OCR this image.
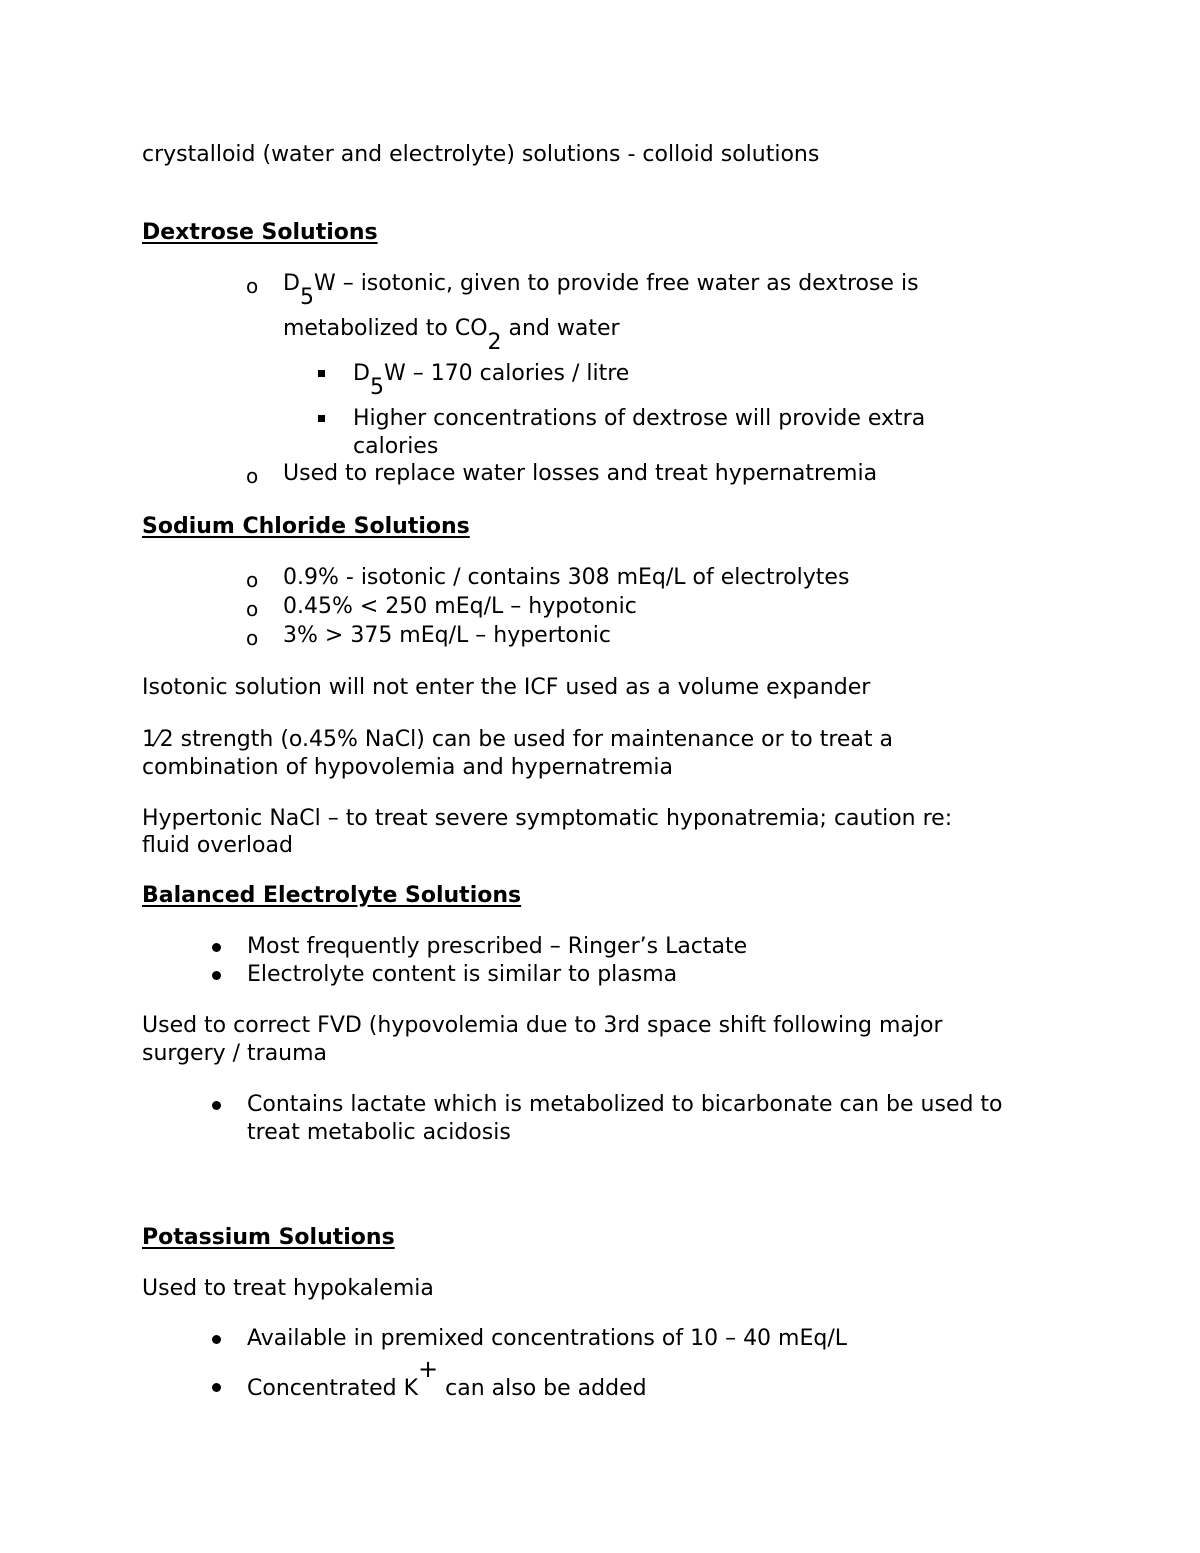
crystalloid (water and electrolyte) solutions - colloid solutions
Dextrose Solutions
o D5W – isotonic, given to provide free water as dextrose is
metabolized to CO2 and water
D5W – 170 calories / litre
Higher concentrations of dextrose will provide extra
calories
o Used to replace water losses and treat hypernatremia
Sodium Chloride Solutions
o 0.9% - isotonic / contains 308 mEq/L of electrolytes
o 0.45% < 250 mEq/L – hypotonic
o 3% > 375 mEq/L – hypertonic
Isotonic solution will not enter the ICF used as a volume expander
1⁄2 strength (o.45% NaCl) can be used for maintenance or to treat a
combination of hypovolemia and hypernatremia
Hypertonic NaCl – to treat severe symptomatic hyponatremia; caution re:
fluid overload
Balanced Electrolyte Solutions
Most frequently prescribed – Ringer’s Lactate
Electrolyte content is similar to plasma
Used to correct FVD (hypovolemia due to 3rd space shift following major
surgery / trauma
Contains lactate which is metabolized to bicarbonate can be used to
treat metabolic acidosis
Potassium Solutions
Used to treat hypokalemia
Available in premixed concentrations of 10 – 40 mEq/L
Concentrated K+ can also be added
